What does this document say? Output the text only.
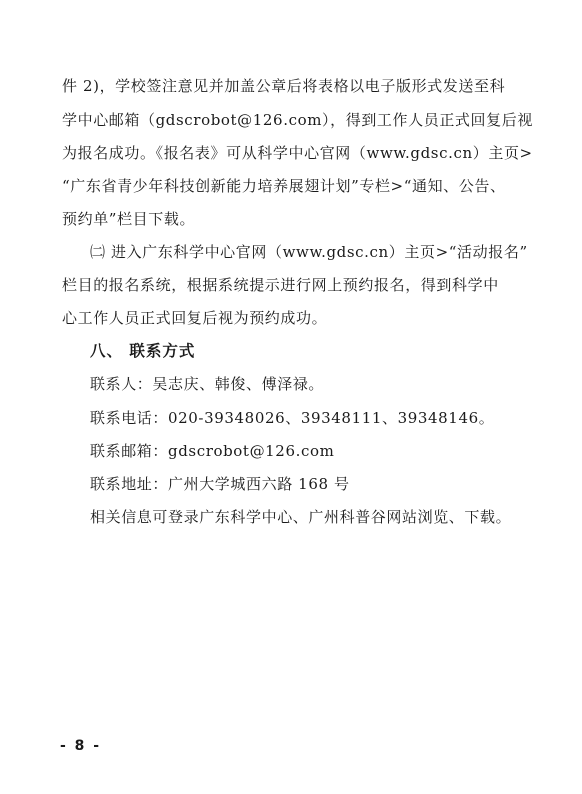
件 2)，学校签注意见并加盖公章后将表格以电子版形式发送至科
学中心邮箱（gdscrobot@126.com），得到工作人员正式回复后视
为报名成功。《报名表》可从科学中心官网（www.gdsc.cn）主页>
“广东省青少年科技创新能力培养展翅计划”专栏>“通知、公告、
预约单”栏目下载。
㈡ 进入广东科学中心官网（www.gdsc.cn）主页>“活动报名”
栏目的报名系统，根据系统提示进行网上预约报名，得到科学中
心工作人员正式回复后视为预约成功。
八、 联系方式
联系人：吴志庆、韩俊、傅泽禄。
联系电话：020-39348026、39348111、39348146。
联系邮箱：gdscrobot@126.com
联系地址：广州大学城西六路 168 号
相关信息可登录广东科学中心、广州科普谷网站浏览、下载。
- 8 -
